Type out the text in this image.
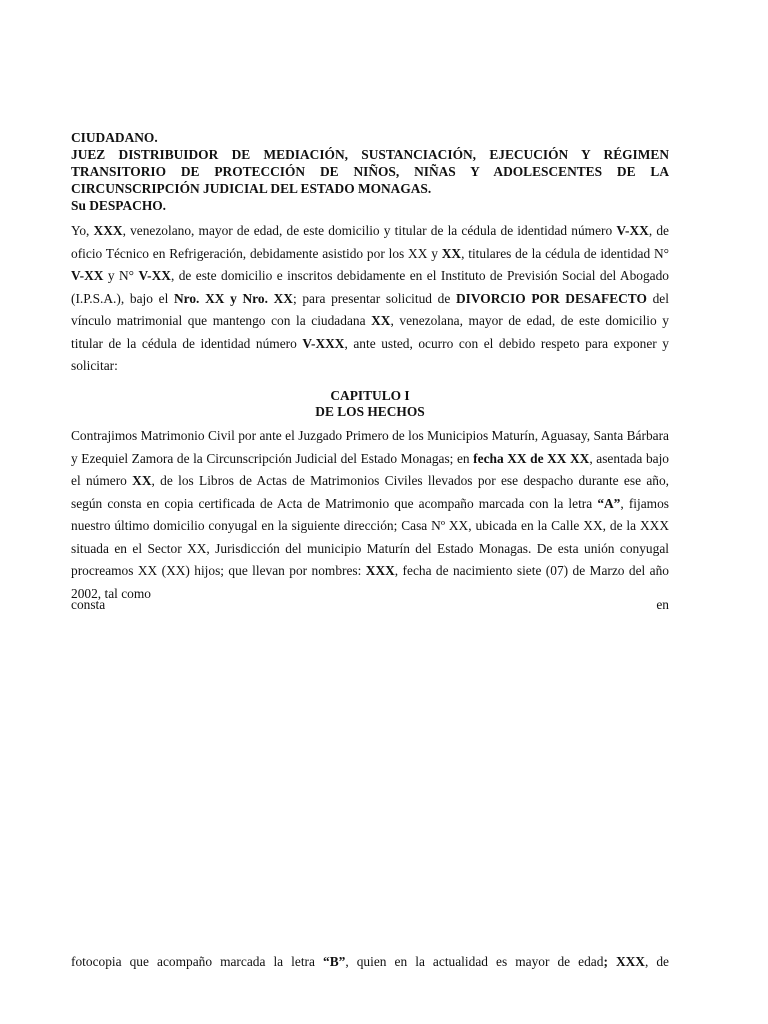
CIUDADANO.
JUEZ DISTRIBUIDOR DE MEDIACIÓN, SUSTANCIACIÓN, EJECUCIÓN Y RÉGIMEN
TRANSITORIO DE PROTECCIÓN DE NIÑOS, NIÑAS Y ADOLESCENTES DE LA
CIRCUNSCRIPCIÓN JUDICIAL DEL ESTADO MONAGAS.
Su DESPACHO.
Yo, XXX, venezolano, mayor de edad, de este domicilio y titular de la cédula de identidad número V-XX, de oficio Técnico en Refrigeración, debidamente asistido por los XX y XX, titulares de la cédula de identidad N° V-XX y N° V-XX, de este domicilio e inscritos debidamente en el Instituto de Previsión Social del Abogado (I.P.S.A.), bajo el Nro. XX y Nro. XX; para presentar solicitud de DIVORCIO POR DESAFECTO del vínculo matrimonial que mantengo con la ciudadana XX, venezolana, mayor de edad, de este domicilio y titular de la cédula de identidad número V-XXX, ante usted, ocurro con el debido respeto para exponer y solicitar:
CAPITULO I
DE LOS HECHOS
Contrajimos Matrimonio Civil por ante el Juzgado Primero de los Municipios Maturín, Aguasay, Santa Bárbara y Ezequiel Zamora de la Circunscripción Judicial del Estado Monagas; en fecha XX de XX XX, asentada bajo el número XX, de los Libros de Actas de Matrimonios Civiles llevados por ese despacho durante ese año, según consta en copia certificada de Acta de Matrimonio que acompaño marcada con la letra “A”, fijamos nuestro último domicilio conyugal en la siguiente dirección; Casa Nº XX, ubicada en la Calle XX, de la XXX situada en el Sector XX, Jurisdicción del municipio Maturín del Estado Monagas. De esta unión conyugal procreamos XX (XX) hijos; que llevan por nombres: XXX, fecha de nacimiento siete (07) de Marzo del año 2002, tal como
consta	en
fotocopia que acompaño marcada la letra “B”, quien en la actualidad es mayor de edad; XXX, de
